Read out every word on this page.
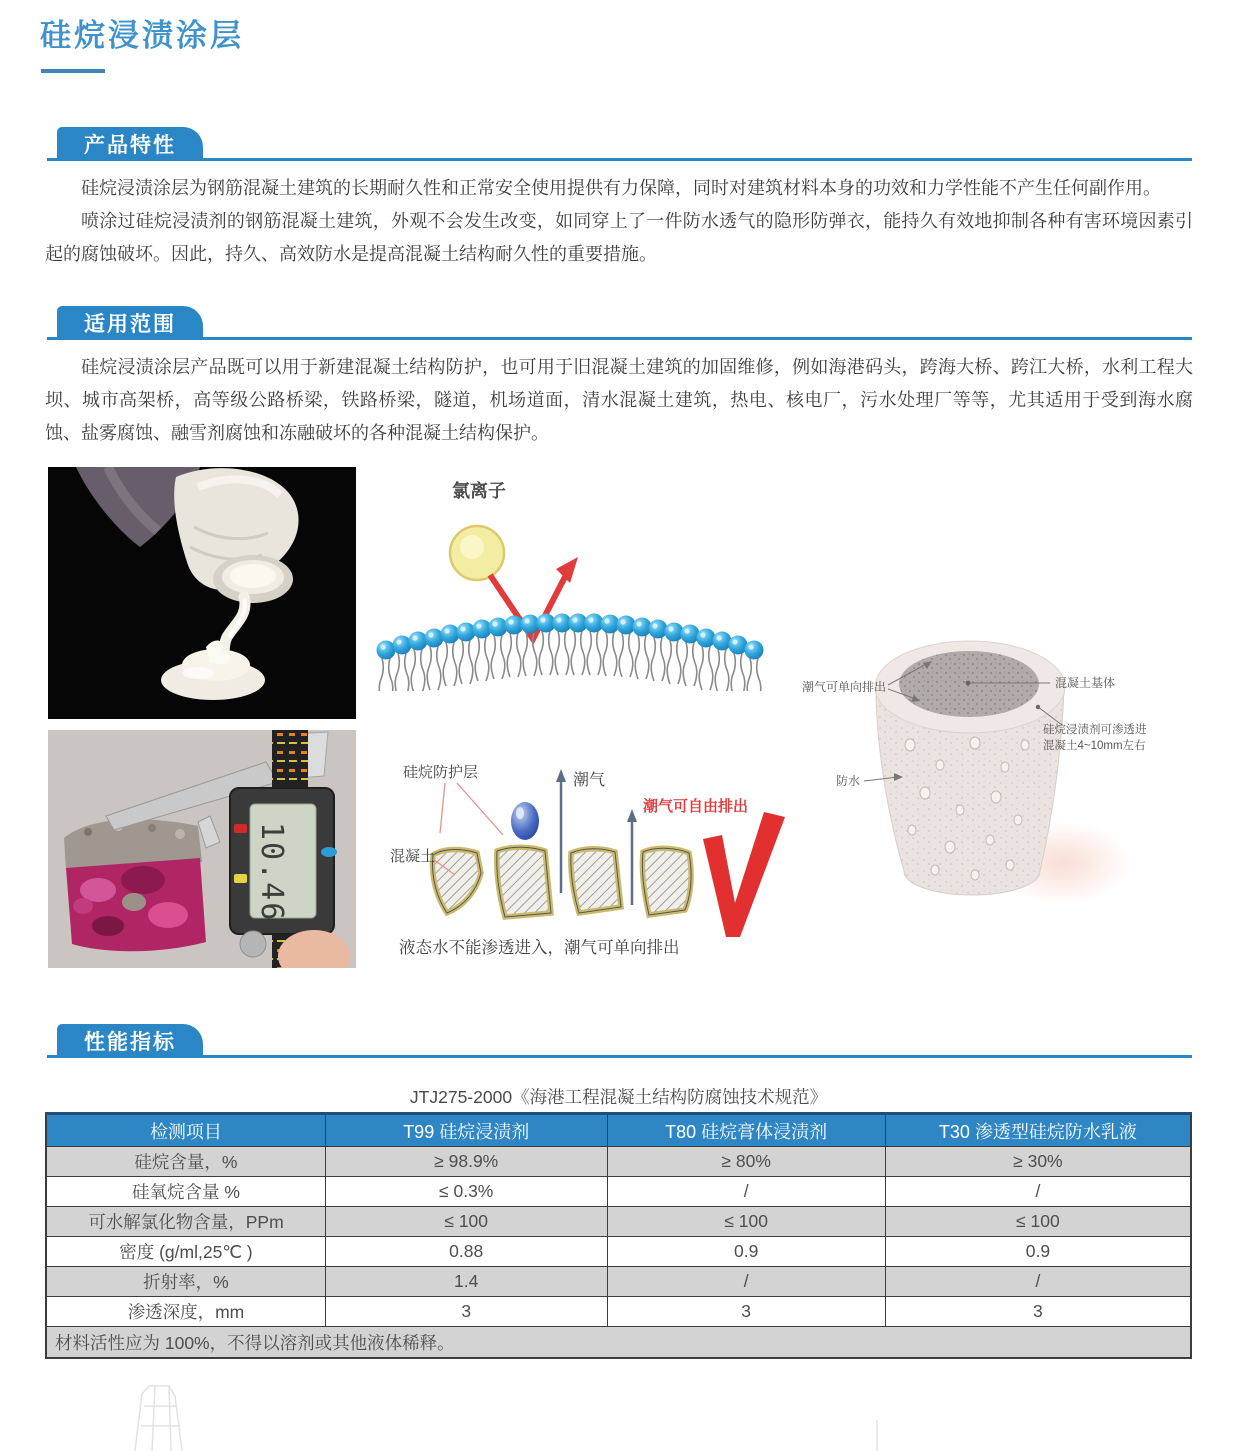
硅烷浸渍涂层
产品特性

硅烷浸渍涂层为钢筋混凝土建筑的长期耐久性和正常安全使用提供有力保障，同时对建筑材料本身的功效和力学性能不产生任何副作用。

喷涂过硅烷浸渍剂的钢筋混凝土建筑，外观不会发生改变，如同穿上了一件防水透气的隐形防弹衣，能持久有效地抑制各种有害环境因素引起的腐蚀破坏。因此，持久、高效防水是提高混凝土结构耐久性的重要措施。

适用范围

硅烷浸渍涂层产品既可以用于新建混凝土结构防护，也可用于旧混凝土建筑的加固维修，例如海港码头，跨海大桥、跨江大桥，水利工程大坝、城市高架桥，高等级公路桥梁，铁路桥梁，隧道，机场道面，清水混凝土建筑，热电、核电厂，污水处理厂等等，尤其适用于受到海水腐蚀、盐雾腐蚀、融雪剂腐蚀和冻融破坏的各种混凝土结构保护。

10.46
氯离子
潮气
潮气可自由排出
硅烷防护层
混凝土
液态水不能渗透进入，潮气可单向排出
潮气可单向排出
防水
混凝土基体
硅烷浸渍剂可渗透进
混凝土4~10mm左右
性能指标
JTJ275-2000《海港工程混凝土结构防腐蚀技术规范》
检测项目	T99 硅烷浸渍剂	T80 硅烷膏体浸渍剂	T30 渗透型硅烷防水乳液
硅烷含量，%	≥ 98.9%	≥ 80%	≥ 30%
硅氧烷含量 %	≤ 0.3%	/	/
可水解氯化物含量，PPm	≤ 100	≤ 100	≤ 100
密度 (g/ml,25℃ )	0.88	0.9	0.9
折射率，%	1.4	/	/
渗透深度，mm	3	3	3
材料活性应为 100%，不得以溶剂或其他液体稀释。			
